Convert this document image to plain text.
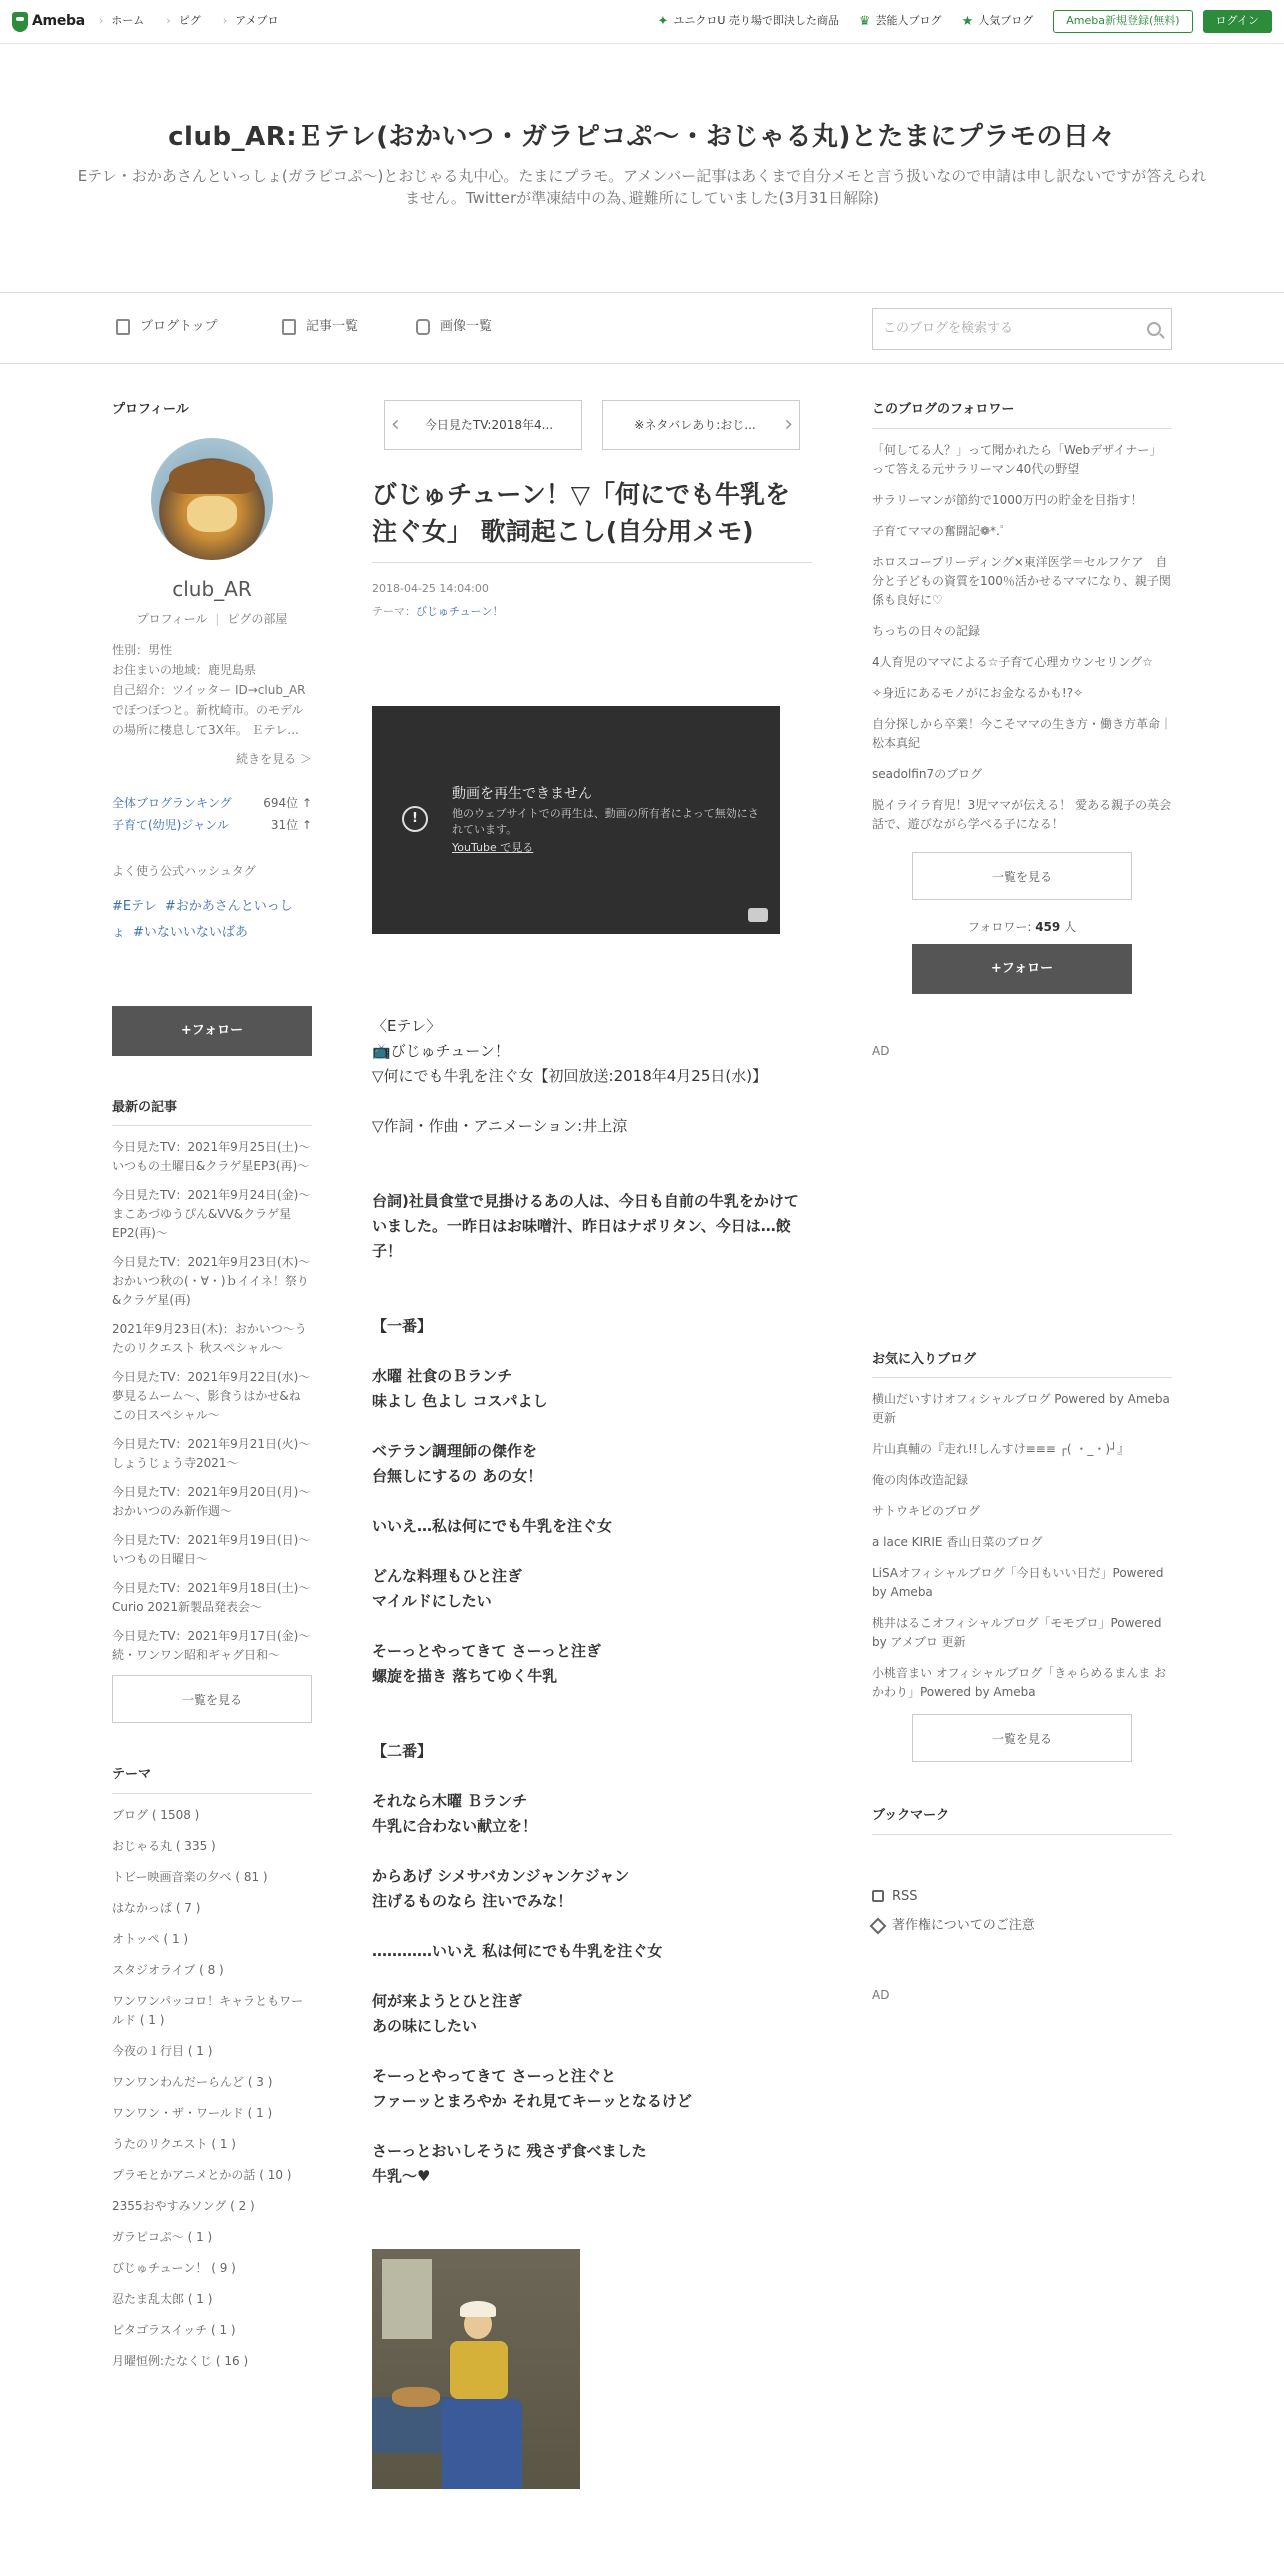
Ameba	› ホーム	› ピグ	› アメブロ	✦ ユニクロU 売り場で即決した商品 ♛ 芸能人ブログ ★ 人気ブログ	Ameba新規登録(無料)	ログイン
club_AR:Ｅテレ(おかいつ・ガラピコぷ～・おじゃる丸)とたまにプラモの日々

Eテレ・おかあさんといっしょ(ガラピコぷ～)とおじゃる丸中心。たまにプラモ。アメンバー記事はあくまで自分メモと言う扱いなので申請は申し訳ないですが答えられません。Twitterが準凍結中の為､避難所にしていました(3月31日解除)

ブログトップ	記事一覧	画像一覧	このブログを検索する
プロフィール
club_AR
プロフィール | ピグの部屋
性別：男性
お住まいの地域：鹿児島県
自己紹介：ツイッター ID→club_ARでぼつぼつと。新枕崎市。のモデルの場所に棲息して3X年。 Ｅテレ...
続きを見る ＞
全体ブログランキング	694位 ↑
子育て(幼児)ジャンル	31位 ↑
よく使う公式ハッシュタグ
#Eテレ #おかあさんといっしょ #いないいないばあ
+フォロー
最新の記事
今日見たTV：2021年9月25日(土)～いつもの土曜日&クラゲ星EP3(再)～
今日見たTV：2021年9月24日(金)～まこあづゆうぴん&VV&クラゲ星EP2(再)～
今日見たTV：2021年9月23日(木)～おかいつ秋の(・∀・)ｂイイネ！祭り&クラゲ星(再)
2021年9月23日(木)：おかいつ～うたのリクエスト 秋スペシャル～
今日見たTV：2021年9月22日(水)～夢見るムーム～、影食うはかせ&ねこの日スペシャル～
今日見たTV：2021年9月21日(火)～しょうじょう寺2021～
今日見たTV：2021年9月20日(月)～おかいつのみ新作週～
今日見たTV：2021年9月19日(日)～いつもの日曜日～
今日見たTV：2021年9月18日(土)～Curio 2021新製品発表会～
今日見たTV：2021年9月17日(金)～続・ワンワン昭和ギャグ日和～
一覧を見る
テーマ
ブログ ( 1508 )
おじゃる丸 ( 335 )
トビー映画音楽の夕べ ( 81 )
はなかっぱ ( 7 )
オトッペ ( 1 )
スタジオライブ ( 8 )
ワンワンパッコロ！キャラともワールド ( 1 )
今夜の１行目 ( 1 )
ワンワンわんだーらんど ( 3 )
ワンワン・ザ・ワールド ( 1 )
うたのリクエスト ( 1 )
プラモとかアニメとかの話 ( 10 )
2355おやすみソング ( 2 )
ガラピコぷ～ ( 1 )
びじゅチューン！ ( 9 )
忍たま乱太郎 ( 1 )
ピタゴラスイッチ ( 1 )
月曜恒例:たなくじ ( 16 )
‹ 今日見たTV:2018年4...	※ネタバレあり:おじ... ›
びじゅチューン！▽「何にでも牛乳を注ぐ女」 歌詞起こし(自分用メモ)
2018-04-25 14:04:00
テーマ：びじゅチューン！
!
動画を再生できません
他のウェブサイトでの再生は、動画の所有者によって無効にされています。
YouTube で見る

〈Eテレ〉

📺びじゅチューン！

▽何にでも牛乳を注ぐ女【初回放送:2018年4月25日(水)】

▽作詞・作曲・アニメーション:井上涼

台詞)社員食堂で見掛けるあの人は、今日も自前の牛乳をかけていました。一昨日はお味噌汁、昨日はナポリタン、今日は…餃子！

【一番】

水曜 社食のＢランチ

味よし 色よし コスパよし

ベテラン調理師の傑作を

台無しにするの あの女！

いいえ…私は何にでも牛乳を注ぐ女

どんな料理もひと注ぎ

マイルドにしたい

そーっとやってきて さーっと注ぎ

螺旋を描き 落ちてゆく牛乳

【二番】

それなら木曜 Ｂランチ

牛乳に合わない献立を！

からあげ シメサバカンジャンケジャン

注げるものなら 注いでみな！

…………いいえ 私は何にでも牛乳を注ぐ女

何が来ようとひと注ぎ

あの味にしたい

そーっとやってきて さーっと注ぐと

ファーッとまろやか それ見てキーッとなるけど

さーっとおいしそうに 残さず食べました

牛乳～♥

このブログのフォロワー
「何してる人？」って聞かれたら「Webデザイナー」って答える元サラリーマン40代の野望
サラリーマンが節約で1000万円の貯金を目指す！
子育てママの奮闘記❁*.ﾟ
ホロスコープリーディング×東洋医学＝セルフケア　自分と子どもの資質を100％活かせるママになり、親子関係も良好に♡
ちっちの日々の記録
4人育児のママによる☆子育て心理カウンセリング☆
✧身近にあるモノがにお金なるかも!?✧
自分探しから卒業！今こそママの生き方・働き方革命｜松本真紀
seadolfin7のブログ
脱イライラ育児！3児ママが伝える！ 愛ある親子の英会話で、遊びながら学べる子になる！
一覧を見る
フォロワー: 459 人
+フォロー
AD
お気に入りブログ
横山だいすけオフィシャルブログ Powered by Ameba 更新
片山真輔の『走れ!!しんすけ≡≡≡ ┌( ・_・)┘』
俺の肉体改造記録
サトウキビのブログ
a lace KIRIE 香山日菜のブログ
LiSAオフィシャルブログ「今日もいい日だ」Powered by Ameba
桃井はるこオフィシャルブログ「モモブロ」Powered by アメブロ 更新
小桃音まい オフィシャルブログ「きゃらめるまんま おかわり」Powered by Ameba
一覧を見る
ブックマーク
RSS
著作権についてのご注意
AD
